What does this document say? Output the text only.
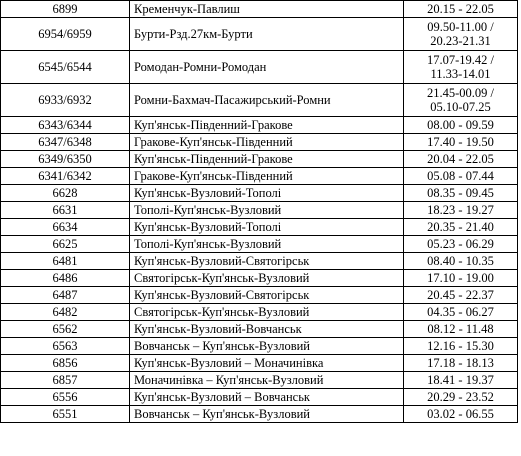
6899	Кременчук-Павлиш	20.15 - 22.05

6954/6959	Бурти-Рзд.27км-Бурти	09.50-11.00 /
20.23-21.31

6545/6544	Ромодан-Ромни-Ромодан	17.07-19.42 /
11.33-14.01

6933/6932	Ромни-Бахмач-Пасажирський-Ромни	21.45-00.09 /
05.10-07.25

6343/6344	Куп'янськ-Південний-Гракове	08.00 - 09.59

6347/6348	Гракове-Куп'янськ-Південний	17.40 - 19.50

6349/6350	Куп'янськ-Південний-Гракове	20.04 - 22.05

6341/6342	Гракове-Куп'янськ-Південний	05.08 - 07.44

6628	Куп'янськ-Вузловий-Тополі	08.35 - 09.45

6631	Тополі-Куп'янськ-Вузловий	18.23 - 19.27

6634	Куп'янськ-Вузловий-Тополі	20.35 - 21.40

6625	Тополі-Куп'янськ-Вузловий	05.23 - 06.29

6481	Куп'янськ-Вузловий-Святогірськ	08.40 - 10.35

6486	Святогірськ-Куп'янськ-Вузловий	17.10 - 19.00

6487	Куп'янськ-Вузловий-Святогірськ	20.45 - 22.37

6482	Святогірськ-Куп'янськ-Вузловий	04.35 - 06.27

6562	Куп'янськ-Вузловий-Вовчанськ	08.12 - 11.48

6563	Вовчанськ – Куп'янськ-Вузловий	12.16 - 15.30

6856	Куп'янськ-Вузловий – Моначинівка	17.18 - 18.13

6857	Моначинівка – Куп'янськ-Вузловий	18.41 - 19.37

6556	Куп'янськ-Вузловий – Вовчанськ	20.29 - 23.52

6551	Вовчанськ – Куп'янськ-Вузловий	03.02 - 06.55
